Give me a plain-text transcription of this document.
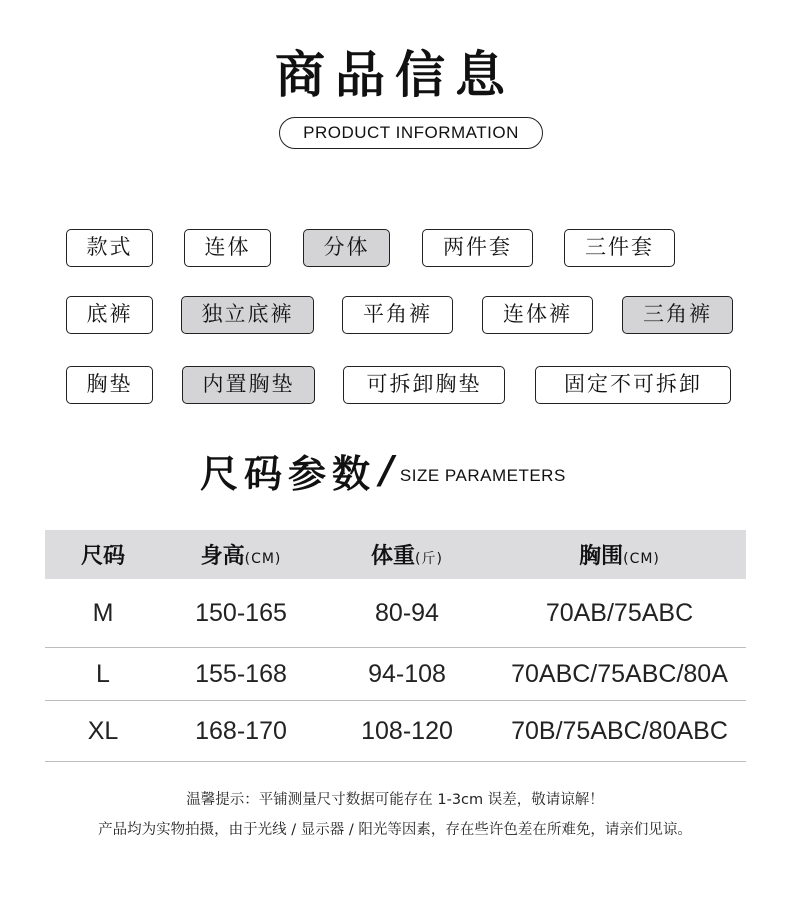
商品信息
PRODUCT INFORMATION
款式	连体	分体	两件套	三件套
底裤	独立底裤	平角裤	连体裤	三角裤
胸垫	内置胸垫	可拆卸胸垫	固定不可拆卸
尺码参数 / SIZE PARAMETERS
尺码	身高(CM)	体重(斤)	胸围(CM)
M	150-165	80-94	70AB/75ABC
L	155-168	94-108	70ABC/75ABC/80A
XL	168-170	108-120	70B/75ABC/80ABC
温馨提示：平铺测量尺寸数据可能存在 1-3cm 误差，敬请谅解！
产品均为实物拍摄，由于光线 / 显示器 / 阳光等因素，存在些许色差在所难免，请亲们见谅。
